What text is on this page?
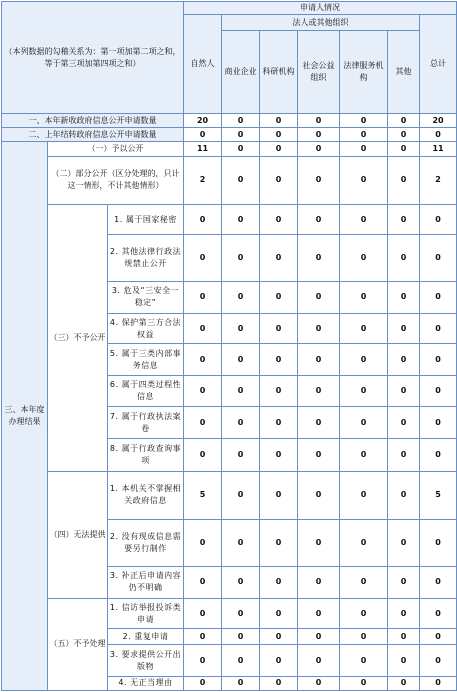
（本列数据的勾稽关系为：第一项加第二项之和，等于第三项加第四项之和）			申请人情况						
			自然人	法人或其他组织					总计
				商业企业	科研机构	社会公益组织	法律服务机构	其他	
一、本年新收政府信息公开申请数量			20	0	0	0	0	0	20
二、上年结转政府信息公开申请数量			0	0	0	0	0	0	0
三、本年度办理结果	（一）予以公开		11	0	0	0	0	0	11
	（二）部分公开（区分处理的，只计这一情形，不计其他情形）		2	0	0	0	0	0	2
	（三）不予公开	1. 属于国家秘密	0	0	0	0	0	0	0
		2. 其他法律行政法规禁止公开	0	0	0	0	0	0	0
		3. 危及“三安全一稳定”	0	0	0	0	0	0	0
		4. 保护第三方合法权益	0	0	0	0	0	0	0
		5. 属于三类内部事务信息	0	0	0	0	0	0	0
		6. 属于四类过程性信息	0	0	0	0	0	0	0
		7. 属于行政执法案卷	0	0	0	0	0	0	0
		8. 属于行政查询事项	0	0	0	0	0	0	0
	（四）无法提供	1. 本机关不掌握相关政府信息	5	0	0	0	0	0	5
		2. 没有现成信息需要另行制作	0	0	0	0	0	0	0
		3. 补正后申请内容仍不明确	0	0	0	0	0	0	0
	（五）不予处理	1. 信访举报投诉类申请	0	0	0	0	0	0	0
		2. 重复申请	0	0	0	0	0	0	0
		3. 要求提供公开出版物	0	0	0	0	0	0	0
		4. 无正当理由	0	0	0	0	0	0	0
